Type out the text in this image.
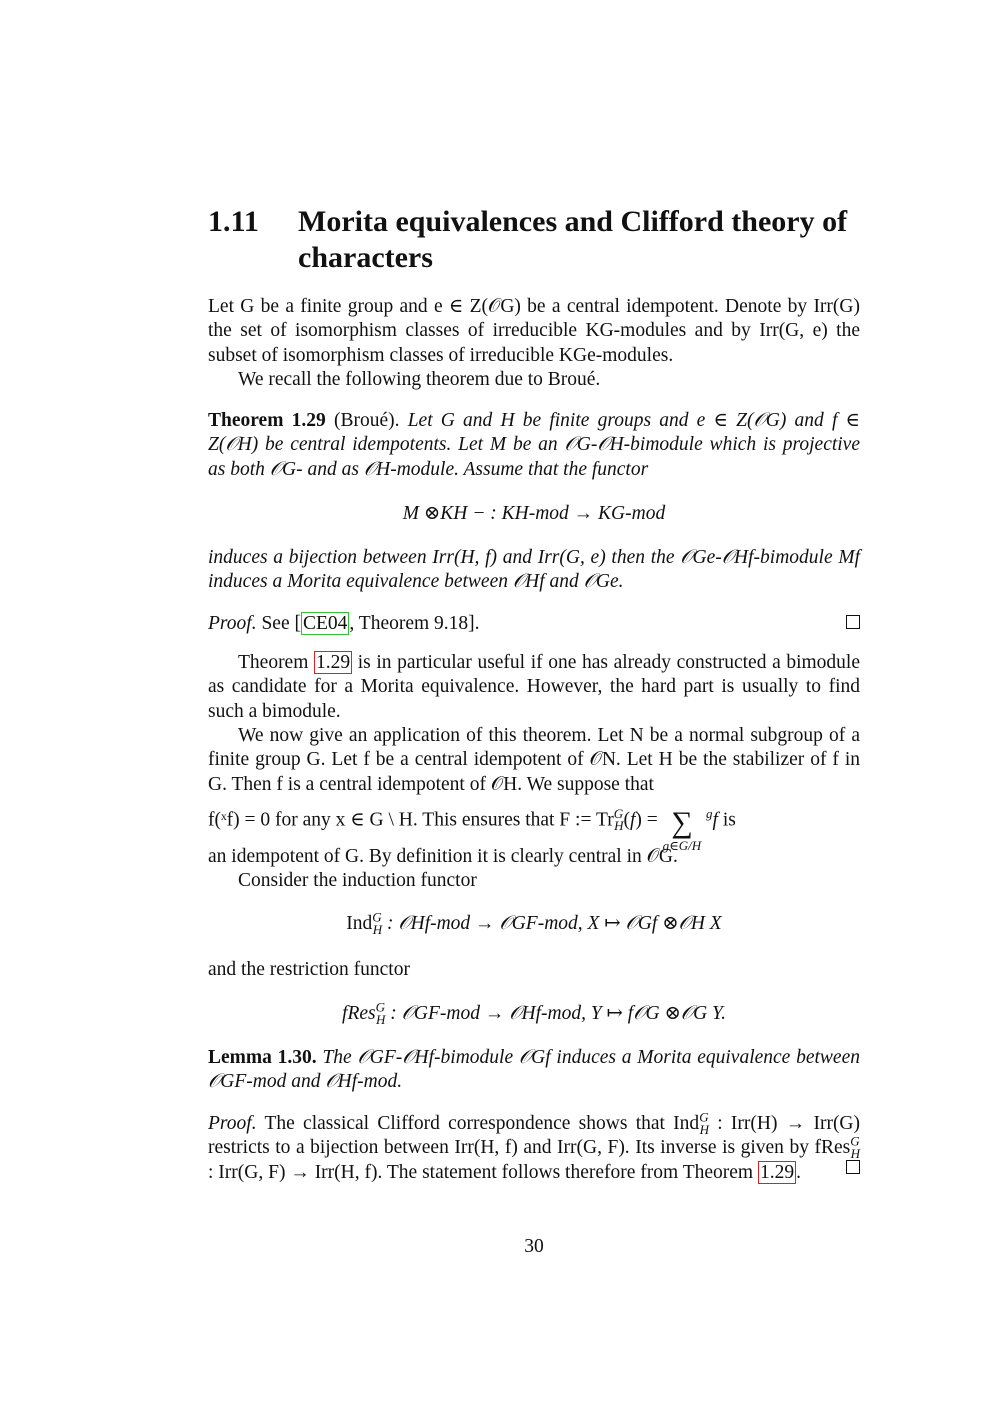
1.11	Morita equivalences and Clifford theory of characters
Let G be a finite group and e ∈ Z(𝒪G) be a central idempotent. Denote by Irr(G) the set of isomorphism classes of irreducible KG-modules and by Irr(G, e) the subset of isomorphism classes of irreducible KGe-modules.
We recall the following theorem due to Broué.
Theorem 1.29 (Broué). Let G and H be finite groups and e ∈ Z(𝒪G) and f ∈ Z(𝒪H) be central idempotents. Let M be an 𝒪G-𝒪H-bimodule which is projective as both 𝒪G- and as 𝒪H-module. Assume that the functor
M ⊗KH − : KH-mod → KG-mod
induces a bijection between Irr(H, f) and Irr(G, e) then the 𝒪Ge-𝒪Hf-bimodule Mf induces a Morita equivalence between 𝒪Hf and 𝒪Ge.
Proof. See [ CE04 , Theorem 9.18].
Theorem 1.29 is in particular useful if one has already constructed a bimodule as candidate for a Morita equivalence. However, the hard part is usually to find such a bimodule.
We now give an application of this theorem. Let N be a normal subgroup of a finite group G. Let f be a central idempotent of 𝒪N. Let H be the stabilizer of f in G. Then f is a central idempotent of 𝒪H. We suppose that
f(ˣf) = 0 for any x ∈ G \ H. This ensures that F := $Tr^G_H(f)$ = ∑
g∈G/H
$^g$f is
an idempotent of G. By definition it is clearly central in 𝒪G.
Consider the induction functor
Ind$^G_H$ : 𝒪Hf-mod → 𝒪GF-mod, X ↦ 𝒪Gf ⊗𝒪H X
and the restriction functor
fRes$^G_H$ : 𝒪GF-mod → 𝒪Hf-mod, Y ↦ f𝒪G ⊗𝒪G Y.
Lemma 1.30. The 𝒪GF-𝒪Hf-bimodule 𝒪Gf induces a Morita equivalence between 𝒪GF-mod and 𝒪Hf-mod.
Proof. The classical Clifford correspondence shows that Ind$^G_H$ : Irr(H) → Irr(G) restricts to a bijection between Irr(H, f) and Irr(G, F). Its inverse is given by fRes$^G_H$ : Irr(G, F) → Irr(H, f). The statement follows therefore from Theorem 1.29 .
30
